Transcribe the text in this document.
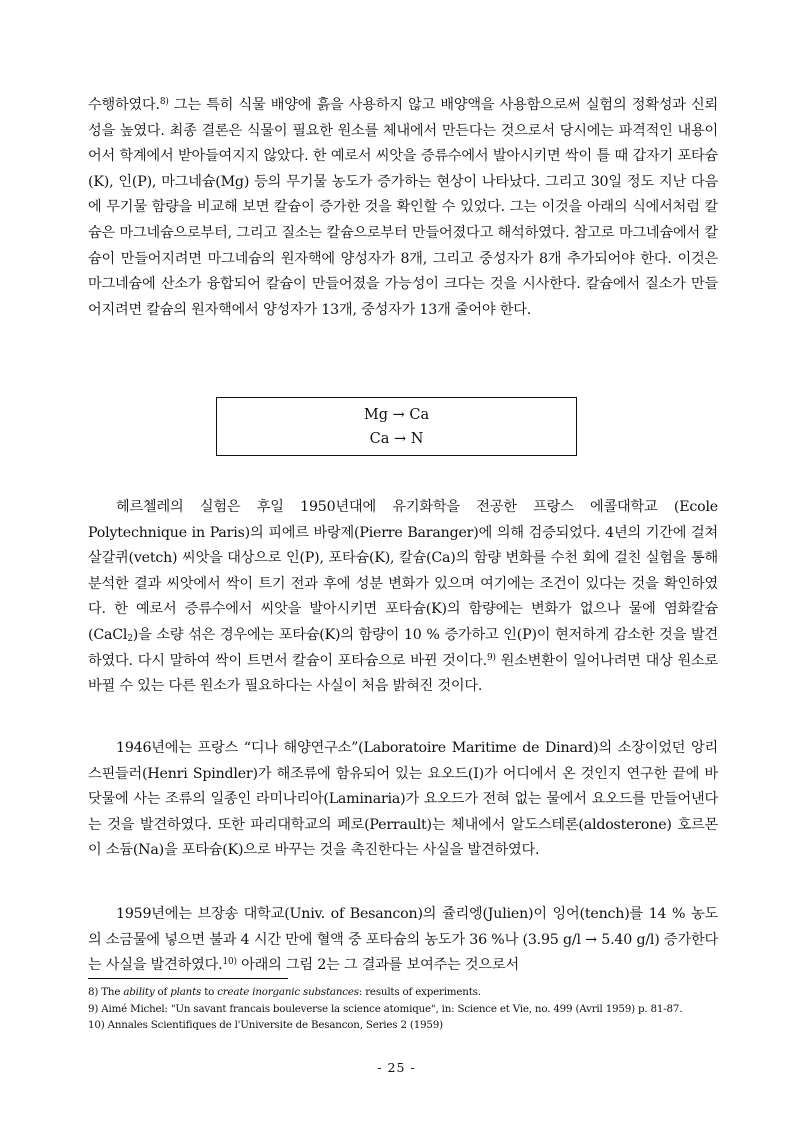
수행하였다.$^{8)}$ 그는 특히 식물 배양에 흙을 사용하지 않고 배양액을 사용함으로써 실험의 정확성과 신뢰성을 높였다. 최종 결론은 식물이 필요한 원소를 체내에서 만든다는 것으로서 당시에는 파격적인 내용이어서 학계에서 받아들여지지 않았다. 한 예로서 씨앗을 증류수에서 발아시키면 싹이 틀 때 갑자기 포타슘(K), 인(P), 마그네슘(Mg) 등의 무기물 농도가 증가하는 현상이 나타났다. 그리고 30일 정도 지난 다음에 무기물 함량을 비교해 보면 칼슘이 증가한 것을 확인할 수 있었다. 그는 이것을 아래의 식에서처럼 칼슘은 마그네슘으로부터, 그리고 질소는 칼슘으로부터 만들어졌다고 해석하였다. 참고로 마그네슘에서 칼슘이 만들어지려면 마그네슘의 원자핵에 양성자가 8개, 그리고 중성자가 8개 추가되어야 한다. 이것은 마그네슘에 산소가 융합되어 칼슘이 만들어졌을 가능성이 크다는 것을 시사한다. 칼슘에서 질소가 만들어지려면 칼슘의 원자핵에서 양성자가 13개, 중성자가 13개 줄어야 한다.

Mg → Ca
Ca → N

헤르첼레의 실험은 후일 1950년대에 유기화학을 전공한 프랑스 에콜대학교 (Ecole Polytechnique in Paris)의 피에르 바랑제(Pierre Baranger)에 의해 검증되었다. 4년의 기간에 걸쳐 살갈퀴(vetch) 씨앗을 대상으로 인(P), 포타슘(K), 칼슘(Ca)의 함량 변화를 수천 회에 걸친 실험을 통해 분석한 결과 씨앗에서 싹이 트기 전과 후에 성분 변화가 있으며 여기에는 조건이 있다는 것을 확인하였다. 한 예로서 증류수에서 씨앗을 발아시키면 포타슘(K)의 함량에는 변화가 없으나 물에 염화칼슘(CaCl$_2$)을 소량 섞은 경우에는 포타슘(K)의 함량이 10 % 증가하고 인(P)이 현저하게 감소한 것을 발견하였다. 다시 말하여 싹이 트면서 칼슘이 포타슘으로 바뀐 것이다.$^{9)}$ 원소변환이 일어나려면 대상 원소로 바뀔 수 있는 다른 원소가 필요하다는 사실이 처음 밝혀진 것이다.

1946년에는 프랑스 “디나 해양연구소”(Laboratoire Maritime de Dinard)의 소장이었던 앙리 스핀들러(Henri Spindler)가 해조류에 함유되어 있는 요오드(I)가 어디에서 온 것인지 연구한 끝에 바닷물에 사는 조류의 일종인 라미나리아(Laminaria)가 요오드가 전혀 없는 물에서 요오드를 만들어낸다는 것을 발견하였다. 또한 파리대학교의 페로(Perrault)는 체내에서 알도스테론(aldosterone) 호르몬이 소듐(Na)을 포타슘(K)으로 바꾸는 것을 촉진한다는 사실을 발견하였다.

1959년에는 브장송 대학교(Univ. of Besancon)의 쥴리엥(Julien)이 잉어(tench)를 14 % 농도의 소금물에 넣으면 불과 4 시간 만에 혈액 중 포타슘의 농도가 36 %나 (3.95 g/l → 5.40 g/l) 증가한다는 사실을 발견하였다.$^{10)}$ 아래의 그림 2는 그 결과를 보여주는 것으로서

8) The ability of plants to create inorganic substances: results of experiments.
9) Aimé Michel: "Un savant francais bouleverse la science atomique", in: Science et Vie, no. 499 (Avril 1959) p. 81-87.
10) Annales Scientifiques de l'Universite de Besancon, Series 2 (1959)
- 25 -
